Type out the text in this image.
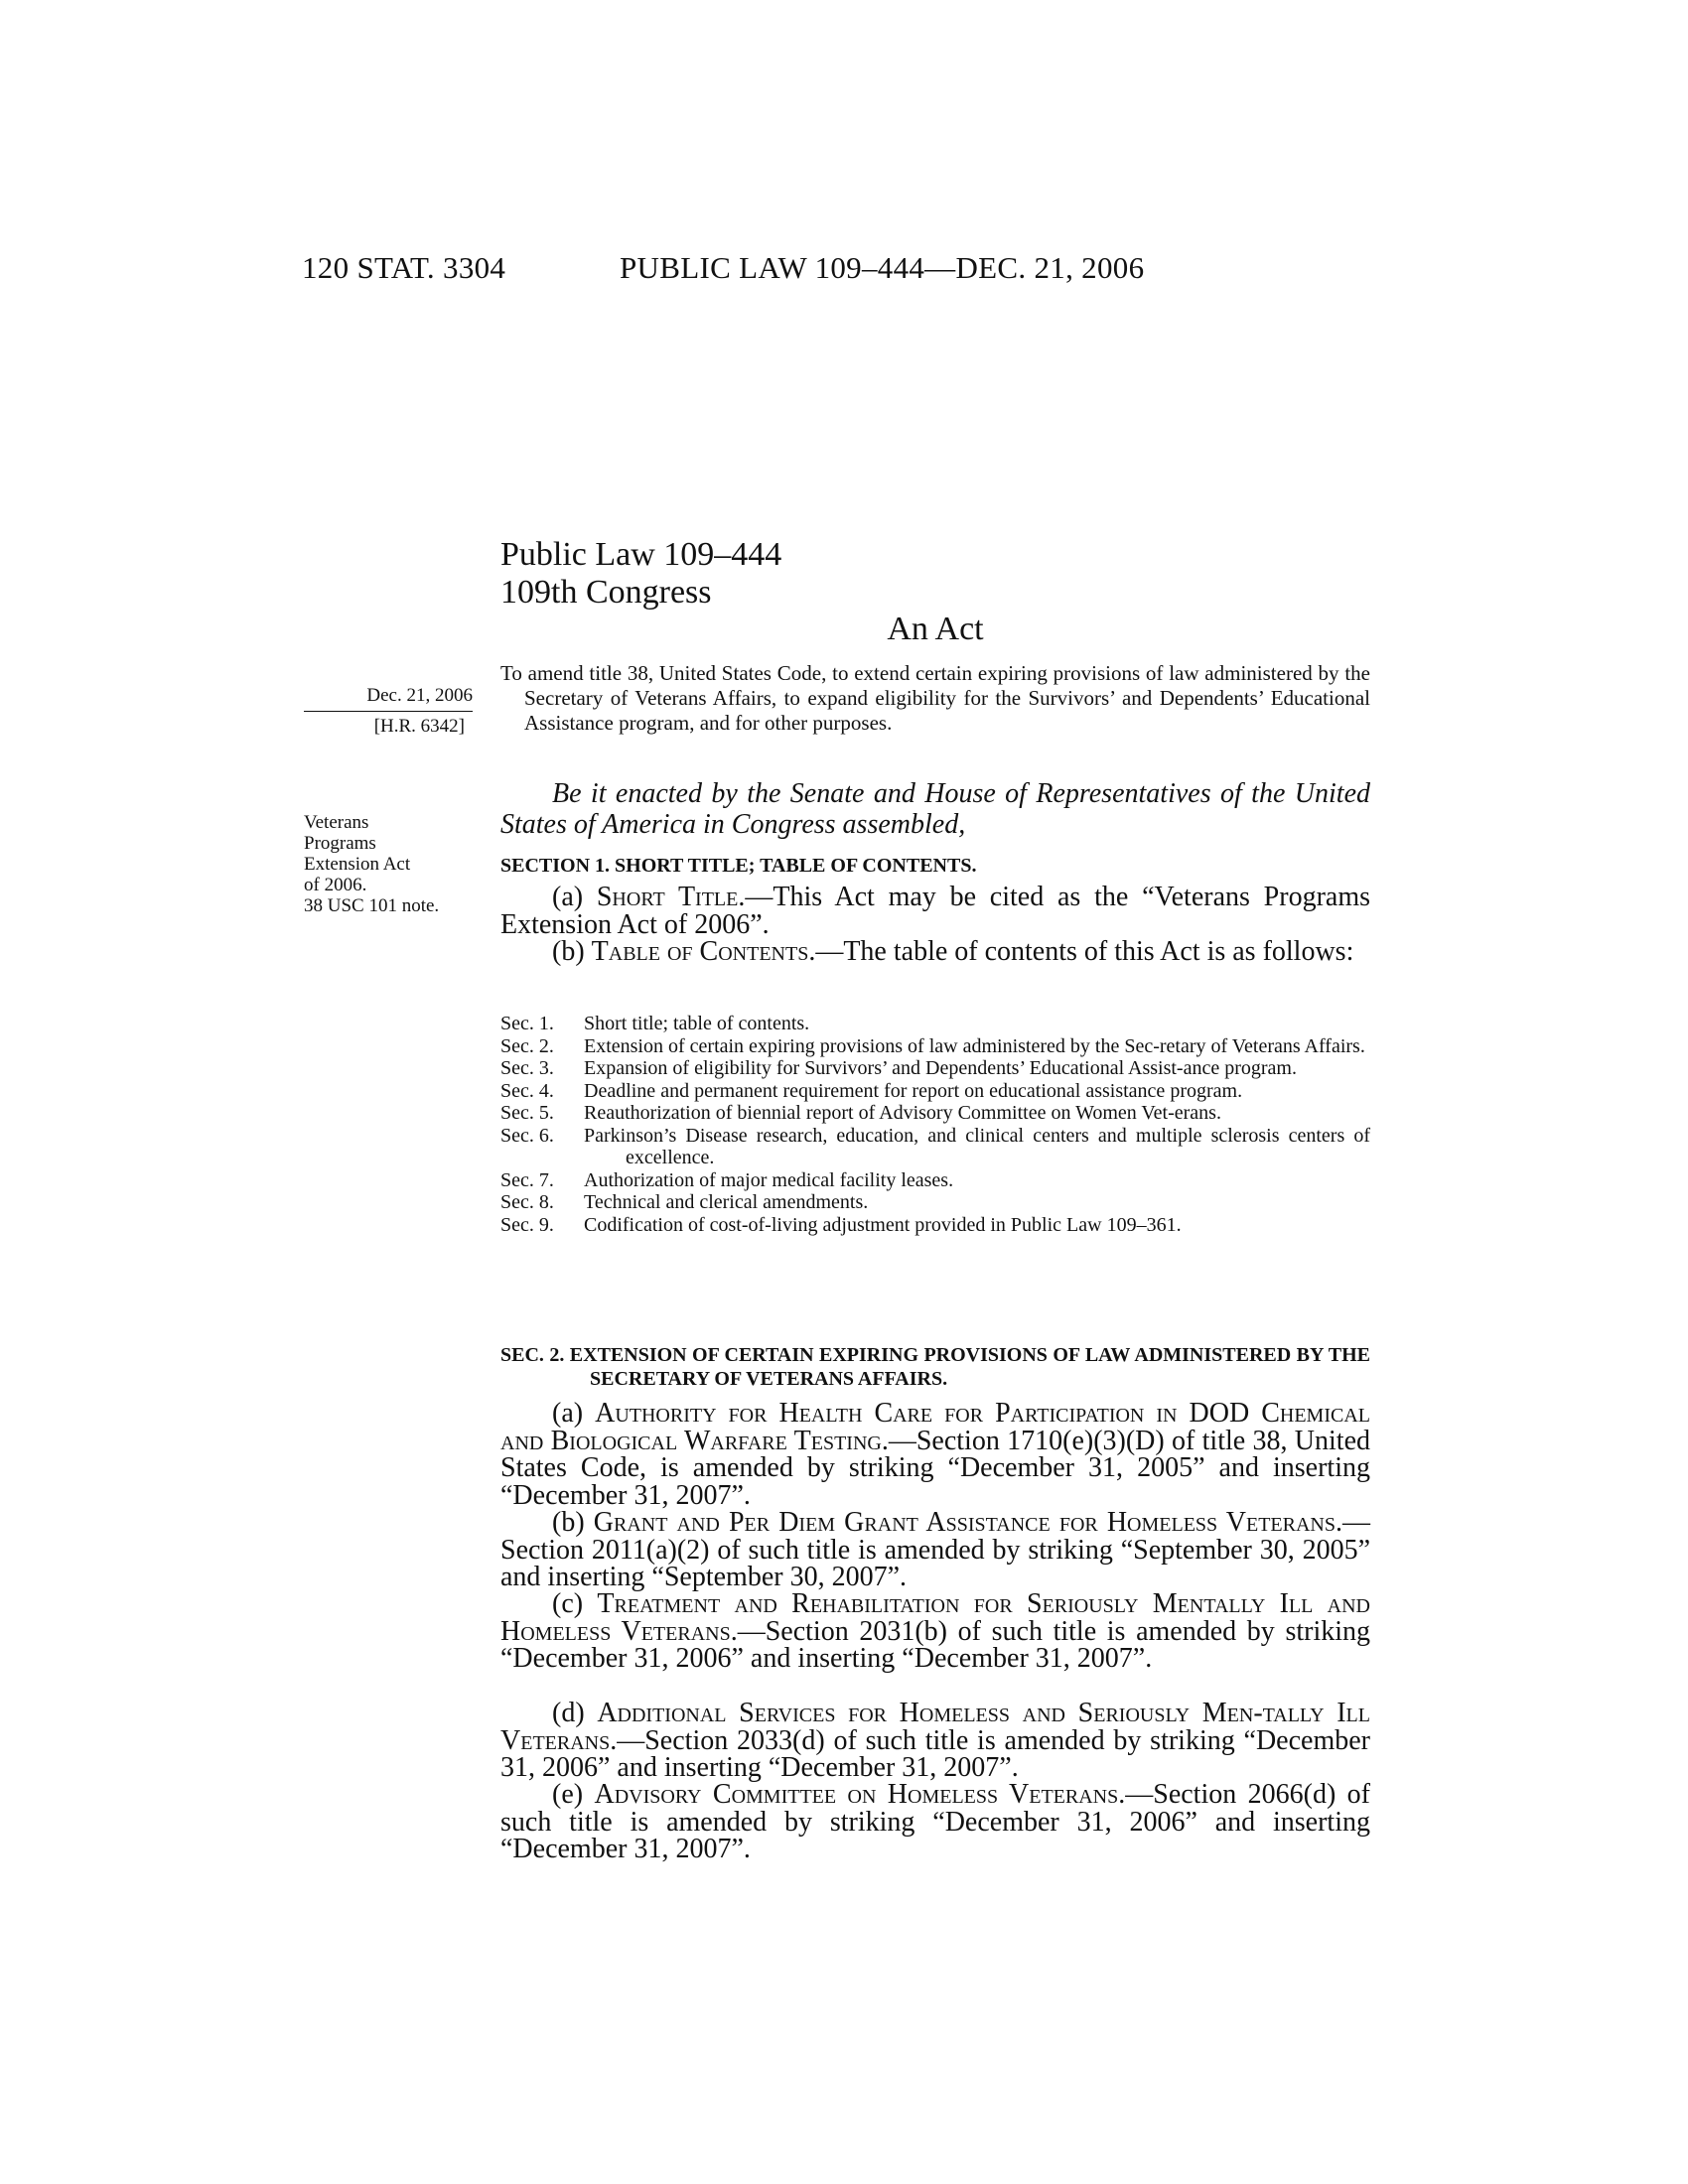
120 STAT. 3304	PUBLIC LAW 109–444—DEC. 21, 2006
Public Law 109–444
109th Congress
An Act
Dec. 21, 2006
[H.R. 6342]
Veterans
Programs
Extension Act
of 2006.
38 USC 101 note.
To amend title 38, United States Code, to extend certain expiring provisions of law administered by the Secretary of Veterans Affairs, to expand eligibility for the Survivors’ and Dependents’ Educational Assistance program, and for other purposes.
Be it enacted by the Senate and House of Representatives of the United States of America in Congress assembled,
SECTION 1. SHORT TITLE; TABLE OF CONTENTS.
(a) Short Title.—This Act may be cited as the “Veterans Programs Extension Act of 2006”.
(b) Table of Contents.—The table of contents of this Act is as follows:
Sec. 1.	Short title; table of contents.
Sec. 2.	Extension of certain expiring provisions of law administered by the Sec-retary of Veterans Affairs.
Sec. 3.	Expansion of eligibility for Survivors’ and Dependents’ Educational Assist-ance program.
Sec. 4.	Deadline and permanent requirement for report on educational assistance program.
Sec. 5.	Reauthorization of biennial report of Advisory Committee on Women Vet-erans.
Sec. 6.	Parkinson’s Disease research, education, and clinical centers and multiple sclerosis centers of excellence.
Sec. 7.	Authorization of major medical facility leases.
Sec. 8.	Technical and clerical amendments.
Sec. 9.	Codification of cost-of-living adjustment provided in Public Law 109–361.
SEC. 2. EXTENSION OF CERTAIN EXPIRING PROVISIONS OF LAW ADMINISTERED BY THE SECRETARY OF VETERANS AFFAIRS.
(a) Authority for Health Care for Participation in DOD Chemical and Biological Warfare Testing.—Section 1710(e)(3)(D) of title 38, United States Code, is amended by striking “December 31, 2005” and inserting “December 31, 2007”.
(b) Grant and Per Diem Grant Assistance for Homeless Veterans.—Section 2011(a)(2) of such title is amended by striking “September 30, 2005” and inserting “September 30, 2007”.
(c) Treatment and Rehabilitation for Seriously Mentally Ill and Homeless Veterans.—Section 2031(b) of such title is amended by striking “December 31, 2006” and inserting “December 31, 2007”.
(d) Additional Services for Homeless and Seriously Men-tally Ill Veterans.—Section 2033(d) of such title is amended by striking “December 31, 2006” and inserting “December 31, 2007”.
(e) Advisory Committee on Homeless Veterans.—Section 2066(d) of such title is amended by striking “December 31, 2006” and inserting “December 31, 2007”.
